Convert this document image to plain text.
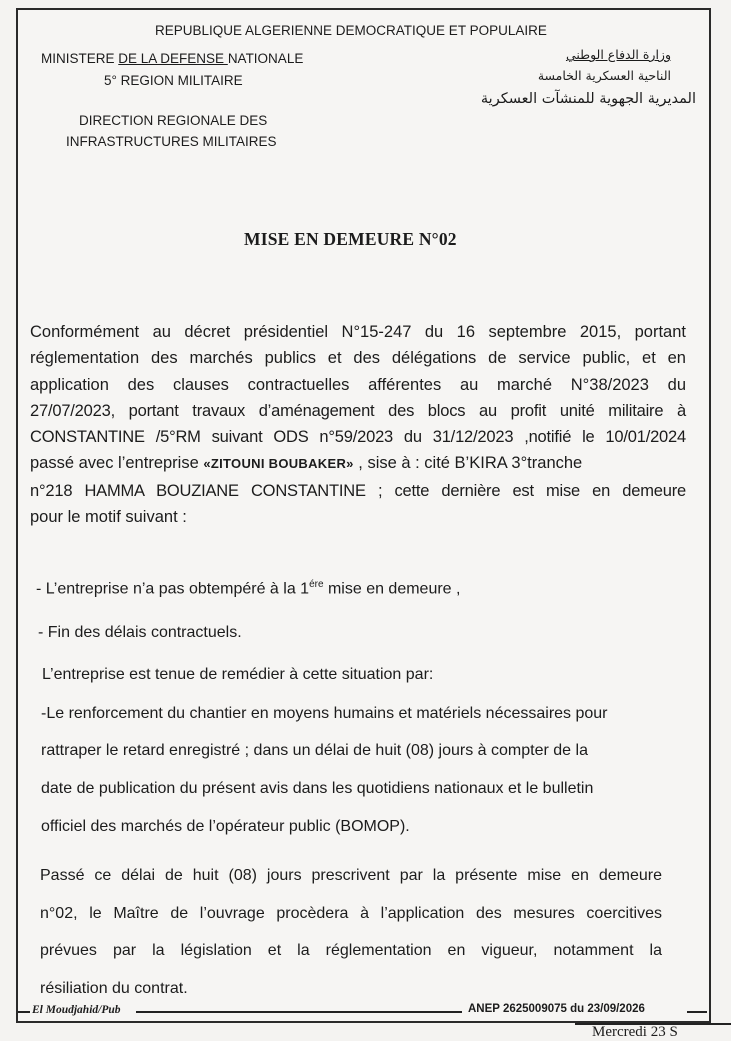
REPUBLIQUE ALGERIENNE DEMOCRATIQUE ET POPULAIRE
MINISTERE DE LA DEFENSE NATIONALE
5° REGION MILITAIRE
DIRECTION REGIONALE DES
INFRASTRUCTURES MILITAIRES
وزارة الدفاع الوطني
الناحية العسكرية الخامسة
المديرية الجهوية للمنشآت العسكرية
MISE EN DEMEURE N°02
Conformément au décret présidentiel N°15-247 du 16 septembre 2015, portant
réglementation des marchés publics et des délégations de service public, et en
application des clauses contractuelles afférentes au marché N°38/2023 du
27/07/2023, portant travaux d’aménagement des blocs au profit unité militaire à
CONSTANTINE /5°RM suivant ODS n°59/2023 du 31/12/2023 ,notifié le 10/01/2024
passé avec l’entreprise «ZITOUNI BOUBAKER» , sise à : cité B’KIRA 3°tranche
n°218 HAMMA BOUZIANE CONSTANTINE ; cette dernière est mise en demeure
pour le motif suivant :
- L’entreprise n’a pas obtempéré à la $1^{ére}$ mise en demeure ,
- Fin des délais contractuels.
L’entreprise est tenue de remédier à cette situation par:
-Le renforcement du chantier en moyens humains et matériels nécessaires pour
rattraper le retard enregistré ; dans un délai de huit (08) jours à compter de la
date de publication du présent avis dans les quotidiens nationaux et le bulletin
officiel des marchés de l’opérateur public (BOMOP).
Passé ce délai de huit (08) jours prescrivent par la présente mise en demeure
n°02, le Maître de l’ouvrage procèdera à l’application des mesures coercitives
prévues par la législation et la réglementation en vigueur, notamment la
résiliation du contrat.
El Moudjahid/Pub	ANEP 2625009075 du 23/09/2026
Mercredi 23 S
